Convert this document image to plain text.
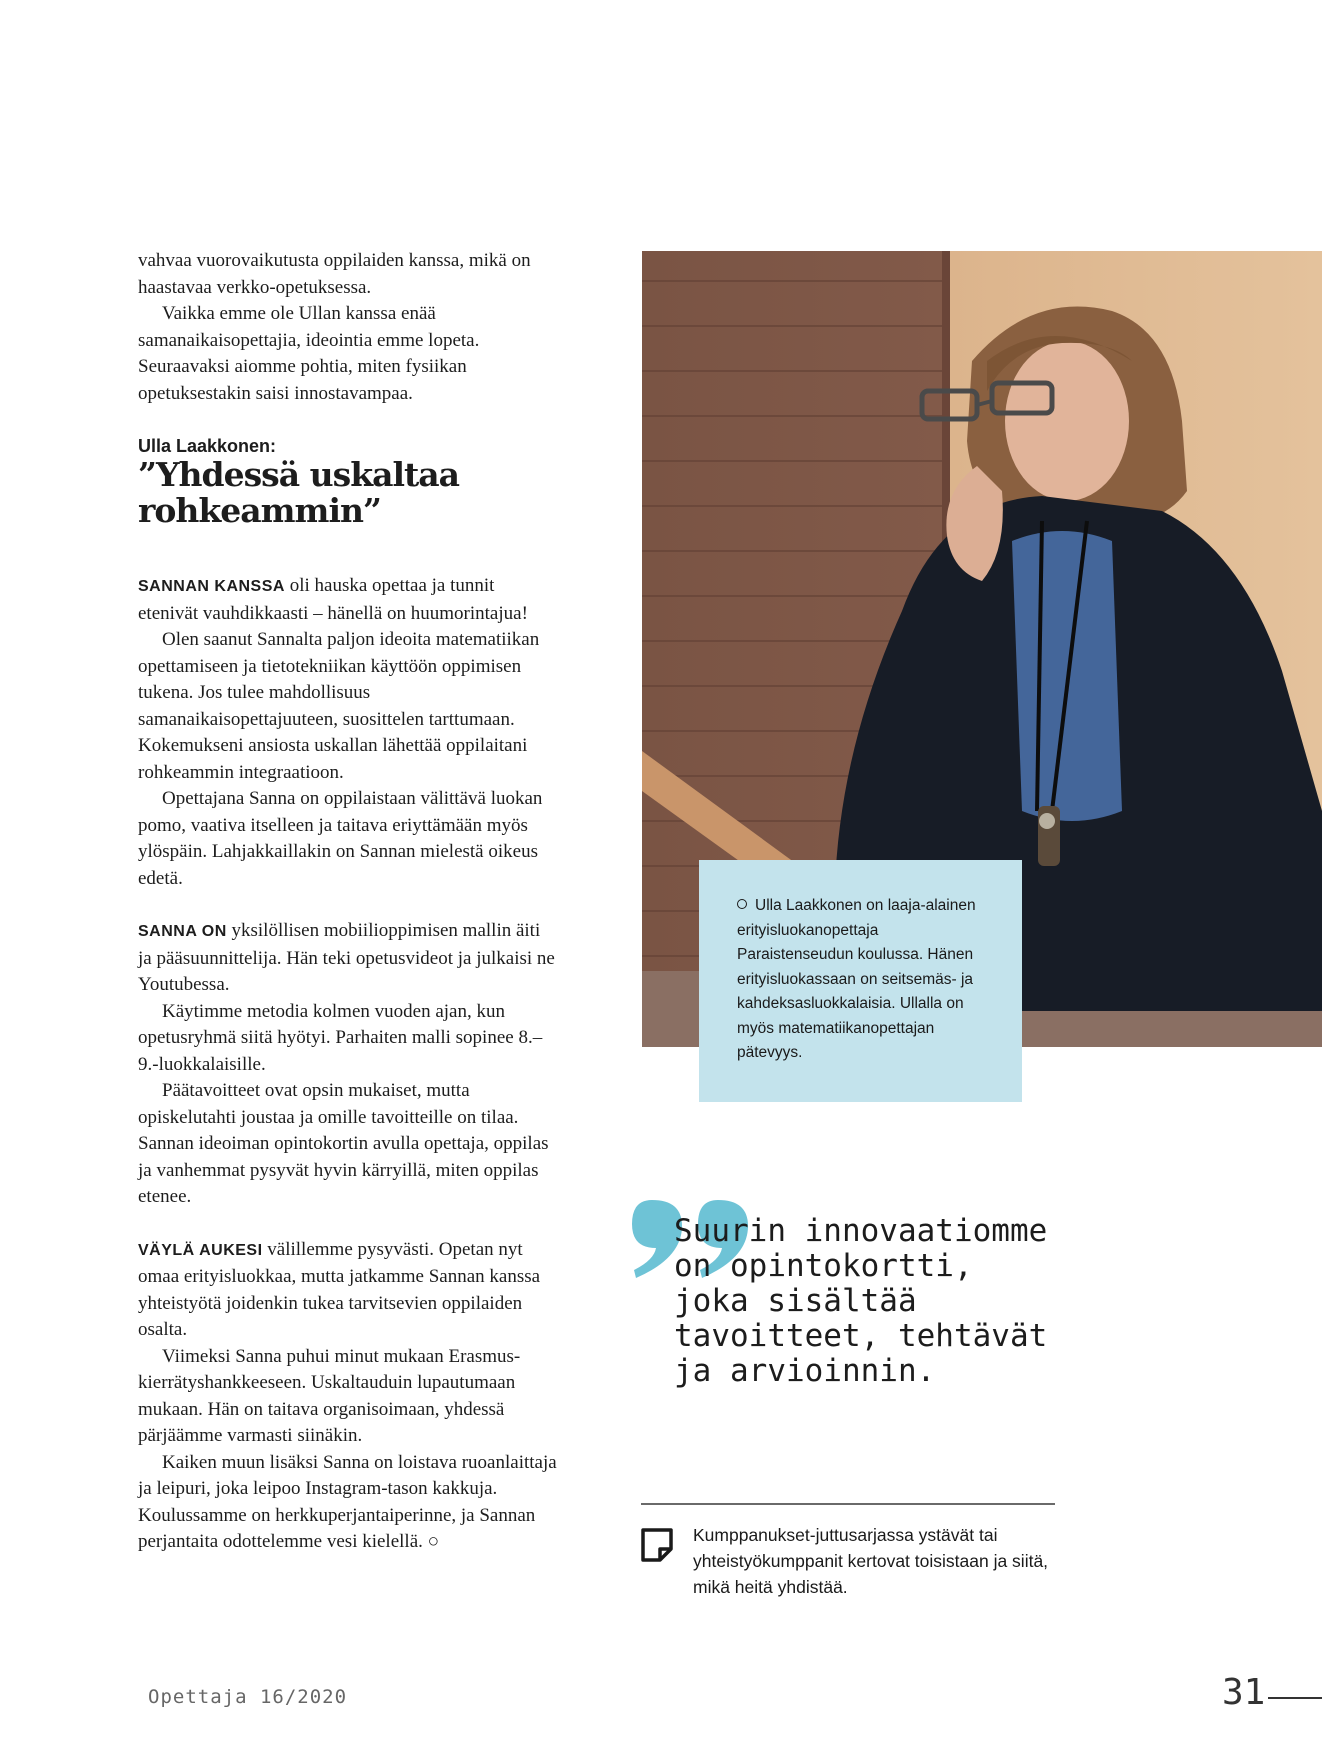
vahvaa vuorovaikutusta oppilaiden kanssa, mikä on haastavaa verkko-opetuksessa.

Vaikka emme ole Ullan kanssa enää samanaikaisopettajia, ideointia emme lopeta. Seuraavaksi aiomme pohtia, miten fysiikan opetuksestakin saisi innostavampaa.

Ulla Laakkonen:
”Yhdessä uskaltaa
rohkeammin”

SANNAN KANSSA oli hauska opettaa ja tunnit etenivät vauhdikkaasti – hänellä on huumorintajua!

Olen saanut Sannalta paljon ideoita matematiikan opettamiseen ja tietotekniikan käyttöön oppimisen tukena. Jos tulee mahdollisuus samanaikaisopettajuuteen, suosittelen tarttumaan. Kokemukseni ansiosta uskallan lähettää oppilaitani rohkeammin integraatioon.

Opettajana Sanna on oppilaistaan välittävä luokan pomo, vaativa itselleen ja taitava eriyttämään myös ylöspäin. Lahjakkaillakin on Sannan mielestä oikeus edetä.

SANNA ON yksilöllisen mobiilioppimisen mallin äiti ja pääsuunnittelija. Hän teki opetusvideot ja julkaisi ne Youtubessa.

Käytimme metodia kolmen vuoden ajan, kun opetusryhmä siitä hyötyi. Parhaiten malli sopinee 8.–9.-luokkalaisille.

Päätavoitteet ovat opsin mukaiset, mutta opiskelutahti joustaa ja omille tavoitteille on tilaa. Sannan ideoiman opintokortin avulla opettaja, oppilas ja vanhemmat pysyvät hyvin kärryillä, miten oppilas etenee.

VÄYLÄ AUKESI välillemme pysyvästi. Opetan nyt omaa erityisluokkaa, mutta jatkamme Sannan kanssa yhteistyötä joidenkin tukea tarvitsevien oppilaiden osalta.

Viimeksi Sanna puhui minut mukaan Erasmus-kierrätyshankkeeseen. Uskaltauduin lupautumaan mukaan. Hän on taitava organisoimaan, yhdessä pärjäämme varmasti siinäkin.

Kaiken muun lisäksi Sanna on loistava ruoanlaittaja ja leipuri, joka leipoo Instagram-tason kakkuja. Koulussamme on herkkuperjantaiperinne, ja Sannan perjantaita odottelemme vesi kielellä. ○

Ulla Laakkonen on laaja-alainen erityisluokanopettaja Paraistenseudun koulussa. Hänen erityisluokassaan on seitsemäs- ja kahdeksasluokkalaisia. Ullalla on myös matematiikanopettajan pätevyys.
Suurin innovaatiomme
on opintokortti,
joka sisältää
tavoitteet, tehtävät
ja arvioinnin.
Kumppanukset-juttusarjassa ystävät tai yhteistyökumppanit kertovat toisistaan ja siitä, mikä heitä yhdistää.
Opettaja 16/2020	31
